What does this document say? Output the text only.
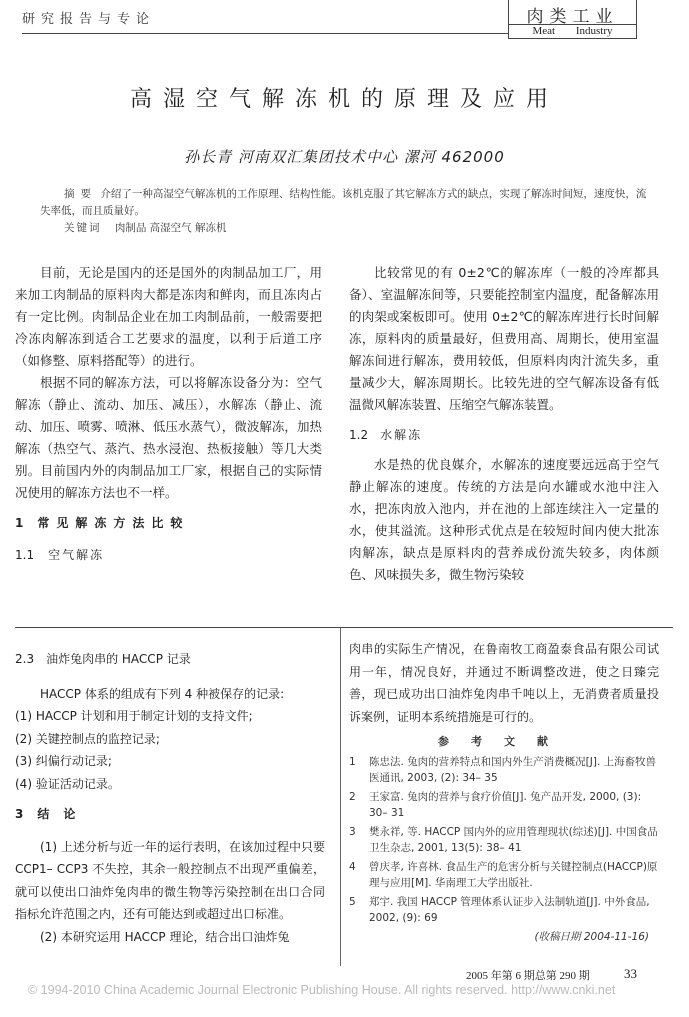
研究报告与专论	肉类工业
Meat Industry
高湿空气解冻机的原理及应用
孙长青 河南双汇集团技术中心 漯河 462000

摘要 介绍了一种高湿空气解冻机的工作原理、结构性能。该机克服了其它解冻方式的缺点，实现了解冻时间短，速度快，流失率低，而且质量好。

关键词 肉制品 高湿空气 解冻机

目前，无论是国内的还是国外的肉制品加工厂，用来加工肉制品的原料肉大都是冻肉和鲜肉，而且冻肉占有一定比例。肉制品企业在加工肉制品前，一般需要把冷冻肉解冻到适合工艺要求的温度，以利于后道工序（如修整、原料搭配等）的进行。

根据不同的解冻方法，可以将解冻设备分为：空气解冻（静止、流动、加压、减压），水解冻（静止、流动、加压、喷雾、喷淋、低压水蒸气），微波解冻，加热解冻（热空气、蒸汽、热水浸泡、热板接触）等几大类别。目前国内外的肉制品加工厂家，根据自己的实际情况使用的解冻方法也不一样。

1 常见解冻方法比较
1.1 空气解冻

比较常见的有 0±2℃的解冻库（一般的冷库都具备）、室温解冻间等，只要能控制室内温度，配备解冻用的肉架或案板即可。使用 0±2℃的解冻库进行长时间解冻，原料肉的质量最好，但费用高、周期长，使用室温解冻间进行解冻，费用较低，但原料肉肉汁流失多，重量减少大，解冻周期长。比较先进的空气解冻设备有低温微风解冻装置、压缩空气解冻装置。

1.2 水解冻

水是热的优良媒介，水解冻的速度要远远高于空气静止解冻的速度。传统的方法是向水罐或水池中注入水，把冻肉放入池内，并在池的上部连续注入一定量的水，使其溢流。这种形式优点是在较短时间内使大批冻肉解冻，缺点是原料肉的营养成份流失较多，肉体颜色、风味损失多，微生物污染较

2.3 油炸兔肉串的 HACCP 记录

HACCP 体系的组成有下列 4 种被保存的记录:

(1) HACCP 计划和用于制定计划的支持文件;
(2) 关键控制点的监控记录;
(3) 纠偏行动记录;
(4) 验证活动记录。
3 结论

(1) 上述分析与近一年的运行表明，在该加过程中只要 CCP1– CCP3 不失控，其余一般控制点不出现严重偏差，就可以使出口油炸兔肉串的微生物等污染控制在出口合同指标允许范围之内，还有可能达到或超过出口标准。

(2) 本研究运用 HACCP 理论，结合出口油炸兔

肉串的实际生产情况，在鲁南牧工商盈泰食品有限公司试用一年，情况良好，并通过不断调整改进，使之日臻完善，现已成功出口油炸兔肉串千吨以上，无消费者质量投诉案例，证明本系统措施是可行的。
参考文献
1	陈忠法. 兔肉的营养特点和国内外生产消费概况[J]. 上海畜牧兽医通讯, 2003, (2): 34– 35
2	王家富. 兔肉的营养与食疗价值[J]. 兔产品开发, 2000, (3): 30– 31
3	樊永祥, 等. HACCP 国内外的应用管理现状(综述)[J]. 中国食品卫生杂志, 2001, 13(5): 38– 41
4	曾庆孝, 许喜林. 食品生产的危害分析与关键控制点(HACCP)原理与应用[M]. 华南理工大学出版社.
5	郑宇. 我国 HACCP 管理体系认证步入法制轨道[J]. 中外食品, 2002, (9): 69
(收稿日期 2004-11-16)
2005 年第 6 期总第 290 期	33
© 1994-2010 China Academic Journal Electronic Publishing House. All rights reserved. http://www.cnki.net
